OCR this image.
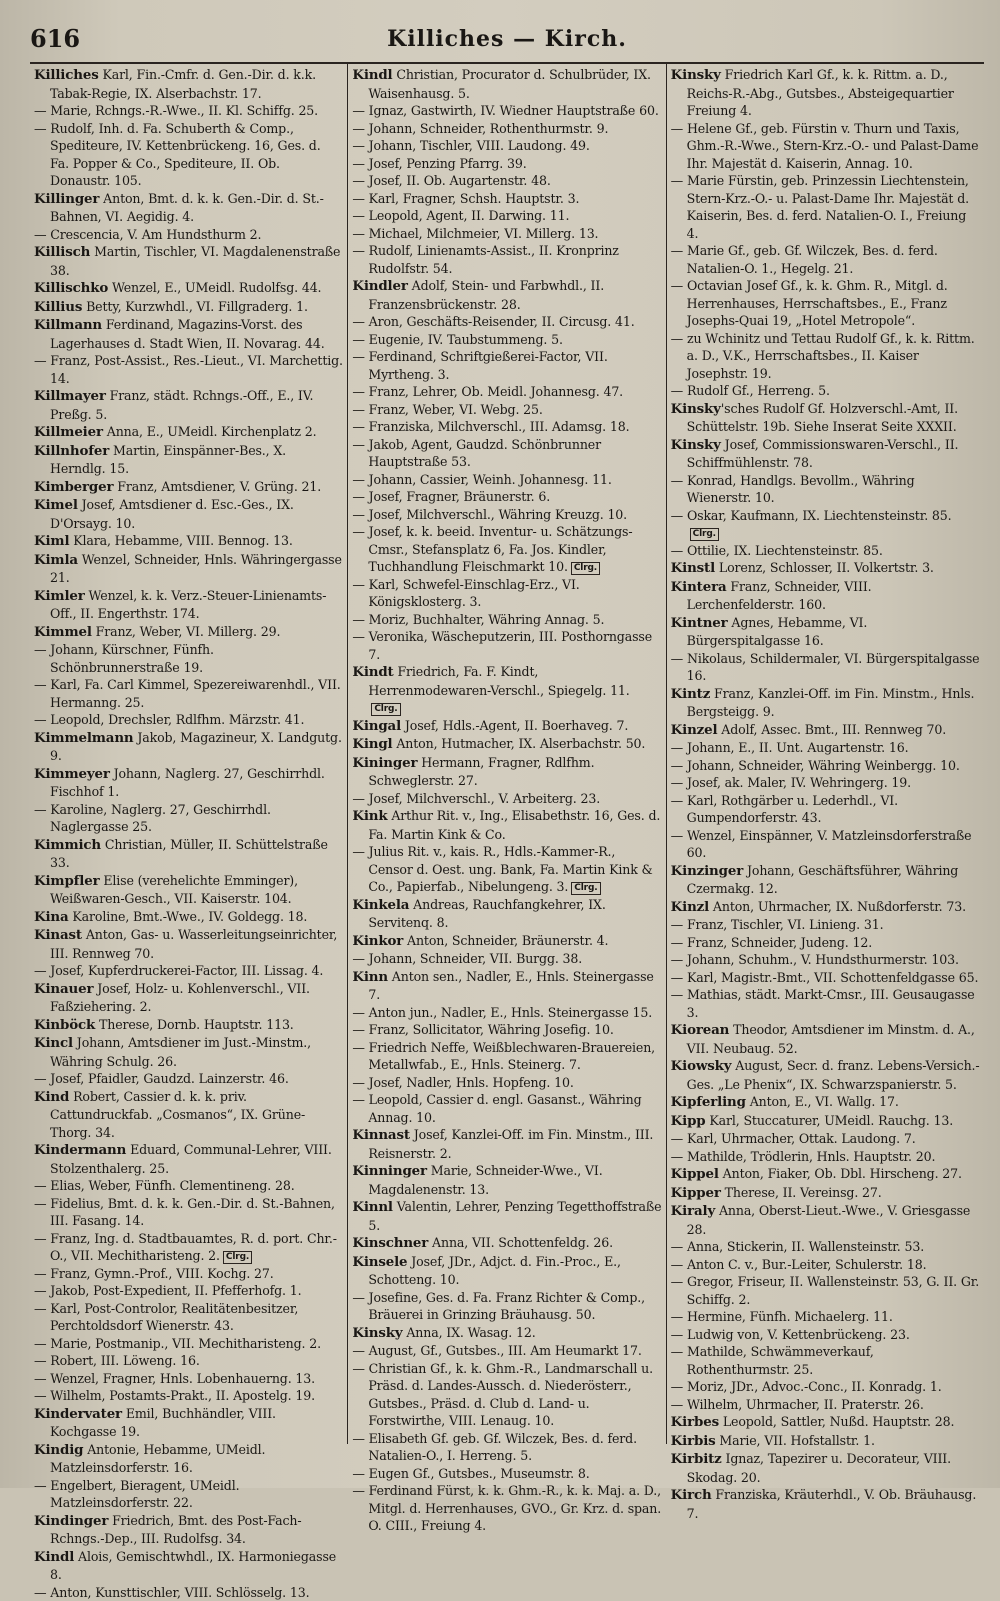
616	Killiches — Kirch.

Killiches Karl, Fin.-Cmfr. d. Gen.-Dir. d. k.k. Tabak-Regie, IX. Alserbachstr. 17.

— Marie, Rchngs.-R.-Wwe., II. Kl. Schiffg. 25.

— Rudolf, Inh. d. Fa. Schuberth & Comp., Spediteure, IV. Kettenbrückeng. 16, Ges. d. Fa. Popper & Co., Spediteure, II. Ob. Donaustr. 105.

Killinger Anton, Bmt. d. k. k. Gen.-Dir. d. St.-Bahnen, VI. Aegidig. 4.

— Crescencia, V. Am Hundsthurm 2.

Killisch Martin, Tischler, VI. Magdalenenstraße 38.

Killischko Wenzel, E., UMeidl. Rudolfsg. 44.

Killius Betty, Kurzwhdl., VI. Fillgraderg. 1.

Killmann Ferdinand, Magazins-Vorst. des Lagerhauses d. Stadt Wien, II. Novarag. 44.

— Franz, Post-Assist., Res.-Lieut., VI. Marchettig. 14.

Killmayer Franz, städt. Rchngs.-Off., E., IV. Preßg. 5.

Killmeier Anna, E., UMeidl. Kirchenplatz 2.

Killnhofer Martin, Einspänner-Bes., X. Herndlg. 15.

Kimberger Franz, Amtsdiener, V. Grüng. 21.

Kimel Josef, Amtsdiener d. Esc.-Ges., IX. D'Orsayg. 10.

Kiml Klara, Hebamme, VIII. Bennog. 13.

Kimla Wenzel, Schneider, Hnls. Währingergasse 21.

Kimler Wenzel, k. k. Verz.-Steuer-Linienamts-Off., II. Engerthstr. 174.

Kimmel Franz, Weber, VI. Millerg. 29.

— Johann, Kürschner, Fünfh. Schönbrunnerstraße 19.

— Karl, Fa. Carl Kimmel, Spezereiwarenhdl., VII. Hermanng. 25.

— Leopold, Drechsler, Rdlfhm. Märzstr. 41.

Kimmelmann Jakob, Magazineur, X. Landgutg. 9.

Kimmeyer Johann, Naglerg. 27, Geschirrhdl. Fischhof 1.

— Karoline, Naglerg. 27, Geschirrhdl. Naglergasse 25.

Kimmich Christian, Müller, II. Schüttelstraße 33.

Kimpfler Elise (verehelichte Emminger), Weißwaren-Gesch., VII. Kaiserstr. 104.

Kina Karoline, Bmt.-Wwe., IV. Goldegg. 18.

Kinast Anton, Gas- u. Wasserleitungseinrichter, III. Rennweg 70.

— Josef, Kupferdruckerei-Factor, III. Lissag. 4.

Kinauer Josef, Holz- u. Kohlenverschl., VII. Faßziehering. 2.

Kinböck Therese, Dornb. Hauptstr. 113.

Kincl Johann, Amtsdiener im Just.-Minstm., Währing Schulg. 26.

— Josef, Pfaidler, Gaudzd. Lainzerstr. 46.

Kind Robert, Cassier d. k. k. priv. Cattundruckfab. „Cosmanos“, IX. Grüne-Thorg. 34.

Kindermann Eduard, Communal-Lehrer, VIII. Stolzenthalerg. 25.

— Elias, Weber, Fünfh. Clementineng. 28.

— Fidelius, Bmt. d. k. k. Gen.-Dir. d. St.-Bahnen, III. Fasang. 14.

— Franz, Ing. d. Stadtbauamtes, R. d. port. Chr.-O., VII. Mechitharisteng. 2. Clrg.

— Franz, Gymn.-Prof., VIII. Kochg. 27.

— Jakob, Post-Expedient, II. Pfefferhofg. 1.

— Karl, Post-Controlor, Realitätenbesitzer, Perchtoldsdorf Wienerstr. 43.

— Marie, Postmanip., VII. Mechitharisteng. 2.

— Robert, III. Löweng. 16.

— Wenzel, Fragner, Hnls. Lobenhauerng. 13.

— Wilhelm, Postamts-Prakt., II. Apostelg. 19.

Kindervater Emil, Buchhändler, VIII. Kochgasse 19.

Kindig Antonie, Hebamme, UMeidl. Matzleinsdorferstr. 16.

— Engelbert, Bieragent, UMeidl. Matzleinsdorferstr. 22.

Kindinger Friedrich, Bmt. des Post-Fach-Rchngs.-Dep., III. Rudolfsg. 34.

Kindl Alois, Gemischtwhdl., IX. Harmoniegasse 8.

— Anton, Kunsttischler, VIII. Schlösselg. 13.

Kindl Christian, Procurator d. Schulbrüder, IX. Waisenhausg. 5.

— Ignaz, Gastwirth, IV. Wiedner Hauptstraße 60.

— Johann, Schneider, Rothenthurmstr. 9.

— Johann, Tischler, VIII. Laudong. 49.

— Josef, Penzing Pfarrg. 39.

— Josef, II. Ob. Augartenstr. 48.

— Karl, Fragner, Schsh. Hauptstr. 3.

— Leopold, Agent, II. Darwing. 11.

— Michael, Milchmeier, VI. Millerg. 13.

— Rudolf, Linienamts-Assist., II. Kronprinz Rudolfstr. 54.

Kindler Adolf, Stein- und Farbwhdl., II. Franzensbrückenstr. 28.

— Aron, Geschäfts-Reisender, II. Circusg. 41.

— Eugenie, IV. Taubstummeng. 5.

— Ferdinand, Schriftgießerei-Factor, VII. Myrtheng. 3.

— Franz, Lehrer, Ob. Meidl. Johannesg. 47.

— Franz, Weber, VI. Webg. 25.

— Franziska, Milchverschl., III. Adamsg. 18.

— Jakob, Agent, Gaudzd. Schönbrunner Hauptstraße 53.

— Johann, Cassier, Weinh. Johannesg. 11.

— Josef, Fragner, Bräunerstr. 6.

— Josef, Milchverschl., Währing Kreuzg. 10.

— Josef, k. k. beeid. Inventur- u. Schätzungs-Cmsr., Stefansplatz 6, Fa. Jos. Kindler, Tuchhandlung Fleischmarkt 10. Clrg.

— Karl, Schwefel-Einschlag-Erz., VI. Königsklosterg. 3.

— Moriz, Buchhalter, Währing Annag. 5.

— Veronika, Wäscheputzerin, III. Posthorngasse 7.

Kindt Friedrich, Fa. F. Kindt, Herrenmodewaren-Verschl., Spiegelg. 11.Clrg.

Kingal Josef, Hdls.-Agent, II. Boerhaveg. 7.

Kingl Anton, Hutmacher, IX. Alserbachstr. 50.

Kininger Hermann, Fragner, Rdlfhm. Schweglerstr. 27.

— Josef, Milchverschl., V. Arbeiterg. 23.

Kink Arthur Rit. v., Ing., Elisabethstr. 16, Ges. d. Fa. Martin Kink & Co.

— Julius Rit. v., kais. R., Hdls.-Kammer-R., Censor d. Oest. ung. Bank, Fa. Martin Kink & Co., Papierfab., Nibelungeng. 3. Clrg.

Kinkela Andreas, Rauchfangkehrer, IX. Servitenq. 8.

Kinkor Anton, Schneider, Bräunerstr. 4.

— Johann, Schneider, VII. Burgg. 38.

Kinn Anton sen., Nadler, E., Hnls. Steinergasse 7.

— Anton jun., Nadler, E., Hnls. Steinergasse 15.

— Franz, Sollicitator, Währing Josefig. 10.

— Friedrich Neffe, Weißblechwaren-Brauereien, Metallwfab., E., Hnls. Steinerg. 7.

— Josef, Nadler, Hnls. Hopfeng. 10.

— Leopold, Cassier d. engl. Gasanst., Währing Annag. 10.

Kinnast Josef, Kanzlei-Off. im Fin. Minstm., III. Reisnerstr. 2.

Kinninger Marie, Schneider-Wwe., VI. Magdalenenstr. 13.

Kinnl Valentin, Lehrer, Penzing Tegetthoffstraße 5.

Kinschner Anna, VII. Schottenfeldg. 26.

Kinsele Josef, JDr., Adjct. d. Fin.-Proc., E., Schotteng. 10.

— Josefine, Ges. d. Fa. Franz Richter & Comp., Bräuerei in Grinzing Bräuhausg. 50.

Kinsky Anna, IX. Wasag. 12.

— August, Gf., Gutsbes., III. Am Heumarkt 17.

— Christian Gf., k. k. Ghm.-R., Landmarschall u. Präsd. d. Landes-Aussch. d. Niederösterr., Gutsbes., Präsd. d. Club d. Land- u. Forstwirthe, VIII. Lenaug. 10.

— Elisabeth Gf. geb. Gf. Wilczek, Bes. d. ferd. Natalien-O., I. Herreng. 5.

— Eugen Gf., Gutsbes., Museumstr. 8.

— Ferdinand Fürst, k. k. Ghm.-R., k. k. Maj. a. D., Mitgl. d. Herrenhauses, GVO., Gr. Krz. d. span. O. CIII., Freiung 4.

Kinsky Friedrich Karl Gf., k. k. Rittm. a. D., Reichs-R.-Abg., Gutsbes., Absteigequartier Freiung 4.

— Helene Gf., geb. Fürstin v. Thurn und Taxis, Ghm.-R.-Wwe., Stern-Krz.-O.- und Palast-Dame Ihr. Majestät d. Kaiserin, Annag. 10.

— Marie Fürstin, geb. Prinzessin Liechtenstein, Stern-Krz.-O.- u. Palast-Dame Ihr. Majestät d. Kaiserin, Bes. d. ferd. Natalien-O. I., Freiung 4.

— Marie Gf., geb. Gf. Wilczek, Bes. d. ferd. Natalien-O. 1., Hegelg. 21.

— Octavian Josef Gf., k. k. Ghm. R., Mitgl. d. Herrenhauses, Herrschaftsbes., E., Franz Josephs-Quai 19, „Hotel Metropole“.

— zu Wchinitz und Tettau Rudolf Gf., k. k. Rittm. a. D., V.K., Herrschaftsbes., II. Kaiser Josephstr. 19.

— Rudolf Gf., Herreng. 5.

Kinsky'sches Rudolf Gf. Holzverschl.-Amt, II. Schüttelstr. 19b. Siehe Inserat Seite XXXII.

Kinsky Josef, Commissionswaren-Verschl., II. Schiffmühlenstr. 78.

— Konrad, Handlgs. Bevollm., Währing Wienerstr. 10.

— Oskar, Kaufmann, IX. Liechtensteinstr. 85.Clrg.

— Ottilie, IX. Liechtensteinstr. 85.

Kinstl Lorenz, Schlosser, II. Volkertstr. 3.

Kintera Franz, Schneider, VIII. Lerchenfelderstr. 160.

Kintner Agnes, Hebamme, VI. Bürgerspitalgasse 16.

— Nikolaus, Schildermaler, VI. Bürgerspitalgasse 16.

Kintz Franz, Kanzlei-Off. im Fin. Minstm., Hnls. Bergsteigg. 9.

Kinzel Adolf, Assec. Bmt., III. Rennweg 70.

— Johann, E., II. Unt. Augartenstr. 16.

— Johann, Schneider, Währing Weinbergg. 10.

— Josef, ak. Maler, IV. Wehringerg. 19.

— Karl, Rothgärber u. Lederhdl., VI. Gumpendorferstr. 43.

— Wenzel, Einspänner, V. Matzleinsdorferstraße 60.

Kinzinger Johann, Geschäftsführer, Währing Czermakg. 12.

Kinzl Anton, Uhrmacher, IX. Nußdorferstr. 73.

— Franz, Tischler, VI. Linieng. 31.

— Franz, Schneider, Judeng. 12.

— Johann, Schuhm., V. Hundsthurmerstr. 103.

— Karl, Magistr.-Bmt., VII. Schottenfeldgasse 65.

— Mathias, städt. Markt-Cmsr., III. Geusaugasse 3.

Kiorean Theodor, Amtsdiener im Minstm. d. A., VII. Neubaug. 52.

Kiowsky August, Secr. d. franz. Lebens-Versich.-Ges. „Le Phenix“, IX. Schwarzspanierstr. 5.

Kipferling Anton, E., VI. Wallg. 17.

Kipp Karl, Stuccaturer, UMeidl. Rauchg. 13.

— Karl, Uhrmacher, Ottak. Laudong. 7.

— Mathilde, Trödlerin, Hnls. Hauptstr. 20.

Kippel Anton, Fiaker, Ob. Dbl. Hirscheng. 27.

Kipper Therese, II. Vereinsg. 27.

Kiraly Anna, Oberst-Lieut.-Wwe., V. Griesgasse 28.

— Anna, Stickerin, II. Wallensteinstr. 53.

— Anton C. v., Bur.-Leiter, Schulerstr. 18.

— Gregor, Friseur, II. Wallensteinstr. 53, G. II. Gr. Schiffg. 2.

— Hermine, Fünfh. Michaelerg. 11.

— Ludwig von, V. Kettenbrückeng. 23.

— Mathilde, Schwämmeverkauf, Rothenthurmstr. 25.

— Moriz, JDr., Advoc.-Conc., II. Konradg. 1.

— Wilhelm, Uhrmacher, II. Praterstr. 26.

Kirbes Leopold, Sattler, Nußd. Hauptstr. 28.

Kirbis Marie, VII. Hofstallstr. 1.

Kirbitz Ignaz, Tapezirer u. Decorateur, VIII. Skodag. 20.

Kirch Franziska, Kräuterhdl., V. Ob. Bräuhausg. 7.
